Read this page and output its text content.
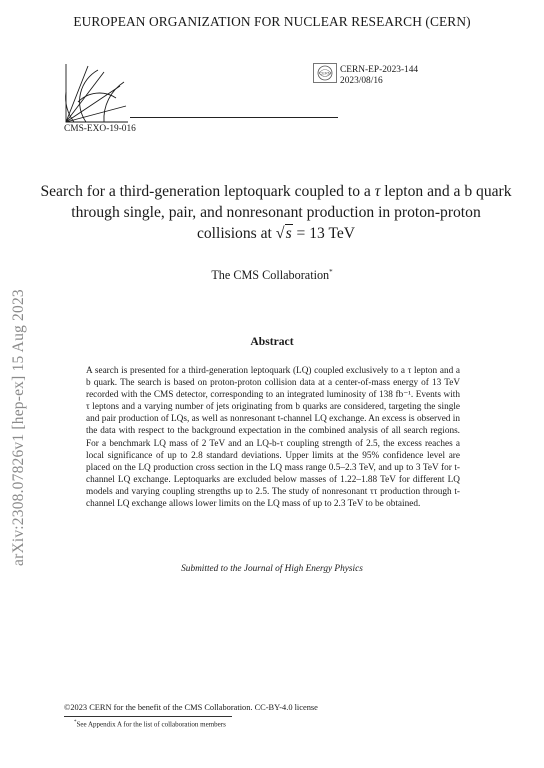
EUROPEAN ORGANIZATION FOR NUCLEAR RESEARCH (CERN)
CMS-EXO-19-016
CERN CERN-EP-2023-144
2023/08/16
Search for a third-generation leptoquark coupled to a τ lepton and a b quark through single, pair, and nonresonant production in proton-proton collisions at √s = 13 TeV
The CMS Collaboration*
Abstract
A search is presented for a third-generation leptoquark (LQ) coupled exclusively to a τ lepton and a b quark. The search is based on proton-proton collision data at a center-of-mass energy of 13 TeV recorded with the CMS detector, corresponding to an integrated luminosity of 138 fb⁻¹. Events with τ leptons and a varying number of jets originating from b quarks are considered, targeting the single and pair production of LQs, as well as nonresonant t-channel LQ exchange. An excess is observed in the data with respect to the background expectation in the combined analysis of all search regions. For a benchmark LQ mass of 2 TeV and an LQ-b-τ coupling strength of 2.5, the excess reaches a local significance of up to 2.8 standard deviations. Upper limits at the 95% confidence level are placed on the LQ production cross section in the LQ mass range 0.5–2.3 TeV, and up to 3 TeV for t-channel LQ exchange. Leptoquarks are excluded below masses of 1.22–1.88 TeV for different LQ models and varying coupling strengths up to 2.5. The study of nonresonant ττ production through t-channel LQ exchange allows lower limits on the LQ mass of up to 2.3 TeV to be obtained.
Submitted to the Journal of High Energy Physics
arXiv:2308.07826v1 [hep-ex] 15 Aug 2023
©2023 CERN for the benefit of the CMS Collaboration. CC-BY-4.0 license
*See Appendix A for the list of collaboration members
